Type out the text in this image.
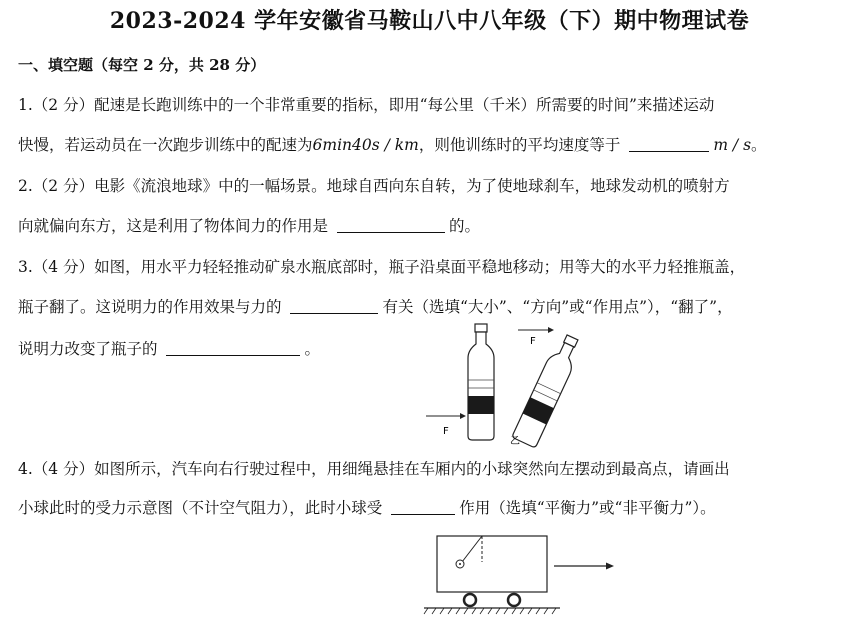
2023-2024 学年安徽省马鞍山八中八年级（下）期中物理试卷
一、填空题（每空 2 分，共 28 分）
1.（2 分）配速是长跑训练中的一个非常重要的指标，即用“每公里（千米）所需要的时间”来描述运动
快慢，若运动员在一次跑步训练中的配速为6min40s / km，则他训练时的平均速度等于	m / s。
2.（2 分）电影《流浪地球》中的一幅场景。地球自西向东自转，为了使地球刹车，地球发动机的喷射方
向就偏向东方，这是利用了物体间力的作用是	的。
3.（4 分）如图，用水平力轻轻推动矿泉水瓶底部时，瓶子沿桌面平稳地移动；用等大的水平力轻推瓶盖，
瓶子翻了。这说明力的作用效果与力的	有关（选填“大小”、“方向”或“作用点”），“翻了”，
说明力改变了瓶子的	。
F
F
乙
4.（4 分）如图所示，汽车向右行驶过程中，用细绳悬挂在车厢内的小球突然向左摆动到最高点，请画出
小球此时的受力示意图（不计空气阻力），此时小球受	作用（选填“平衡力”或“非平衡力”）。
